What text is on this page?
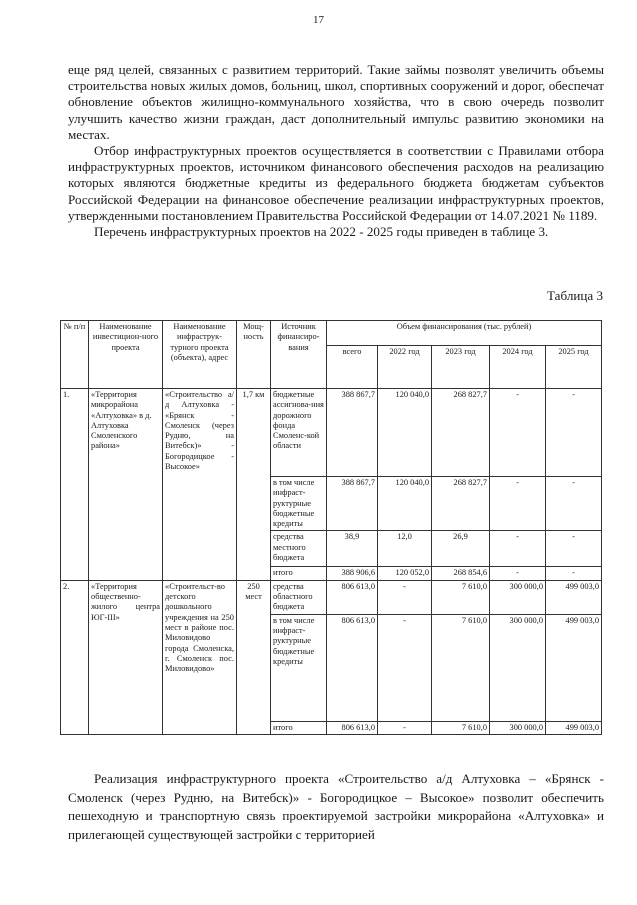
17

еще ряд целей, связанных с развитием территорий. Такие займы позволят увеличить объемы строительства новых жилых домов, больниц, школ, спортивных сооружений и дорог, обеспечат обновление объектов жилищно-коммунального хозяйства, что в свою очередь позволит улучшить качество жизни граждан, даст дополнительный импульс развитию экономики на местах.

Отбор инфраструктурных проектов осуществляется в соответствии с Правилами отбора инфраструктурных проектов, источником финансового обеспечения расходов на реализацию которых являются бюджетные кредиты из федерального бюджета бюджетам субъектов Российской Федерации на финансовое обеспечение реализации инфраструктурных проектов, утвержденными постановлением Правительства Российской Федерации от 14.07.2021 № 1189.

Перечень инфраструктурных проектов на 2022 - 2025 годы приведен в таблице 3.

Таблица 3
№ п/п	Наименование инвестицион-ного проекта	Наименование инфраструк-турного проекта (объекта), адрес	Мощ-ность	Источник финансиро-вания	Объем финансирования (тыс. рублей)				
					всего	2022 год	2023 год	2024 год	2025 год
1.	«Территория микрорайона «Алтуховка» в д. Алтуховка Смоленского района»	«Строительство а/д Алтуховка - «Брянск - Смоленск (через Рудню, на Витебск)» - Богородицкое - Высокое»	1,7 км	бюджетные ассигнова-ния дорожного фонда Смоленс-кой области	388 867,7	120 040,0	268 827,7	-	-
				в том числе инфраст-руктурные бюджетные кредиты	388 867,7	120 040,0	268 827,7	-	-
				средства местного бюджета	38,9	12,0	26,9	-	-
				итого	388 906,6	120 052,0	268 854,6	-	-
2.	«Территория общественно-жилого центра ЮГ-III»	«Строительст-во детского дошкольного учреждения на 250 мест в районе пос. Миловидово города Смоленска, г. Смоленск пос. Миловидово»	250 мест	средства областного бюджета	806 613,0	-	7 610,0	300 000,0	499 003,0
				в том числе инфраст-руктурные бюджетные кредиты	806 613,0	-	7 610,0	300 000,0	499 003,0
				итого	806 613,0	-	7 610,0	300 000,0	499 003,0

Реализация инфраструктурного проекта «Строительство а/д Алтуховка – «Брянск - Смоленск (через Рудню, на Витебск)» - Богородицкое – Высокое» позволит обеспечить пешеходную и транспортную связь проектируемой застройки микрорайона «Алтуховка» и прилегающей существующей застройки с территорией
